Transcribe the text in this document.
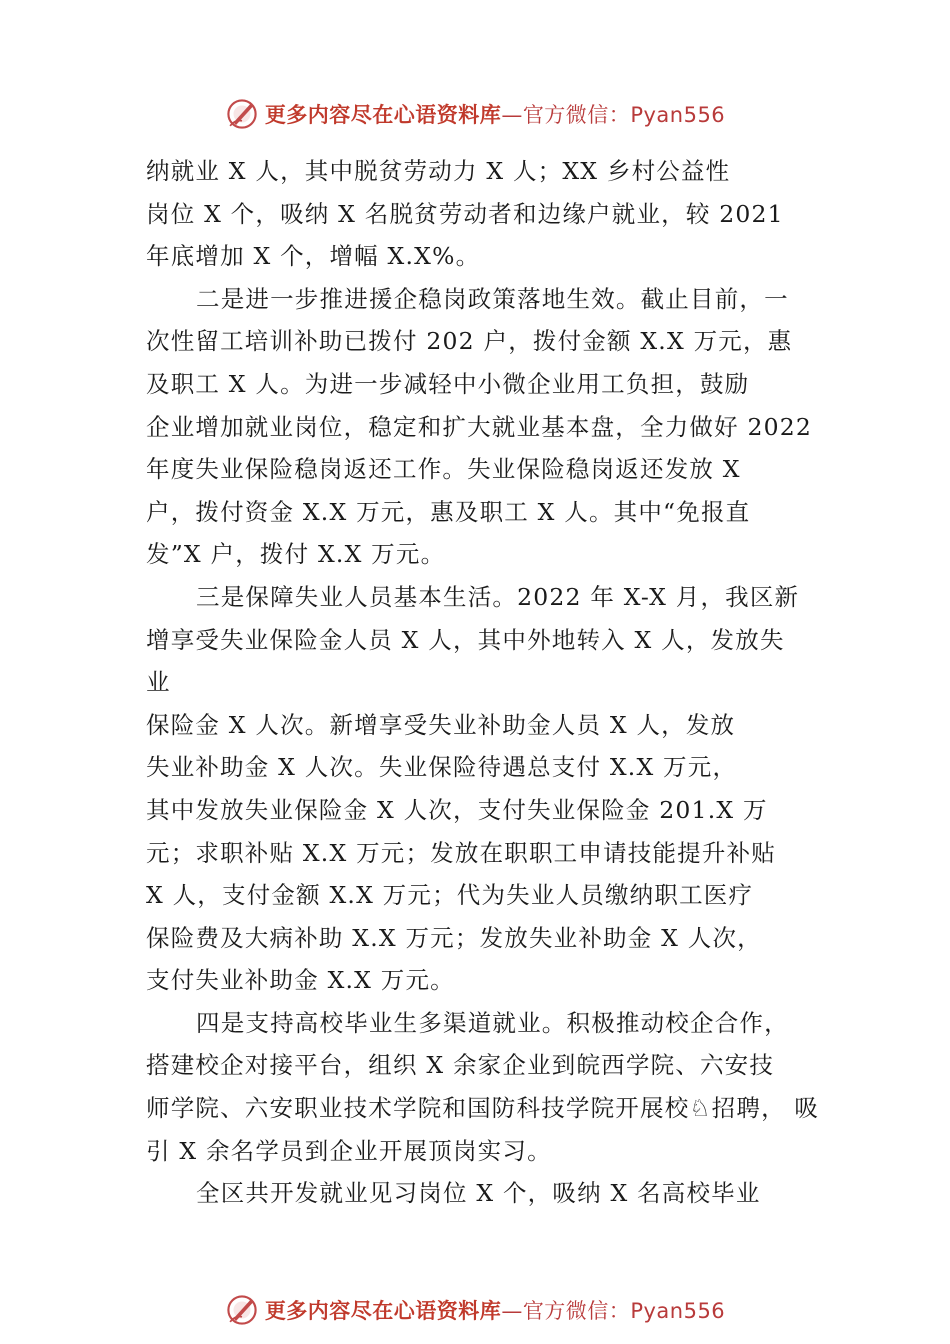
更多内容尽在心语资料库—官方微信：Pyan556
纳就业 X 人，其中脱贫劳动力 X 人；XX 乡村公益性
岗位 X 个，吸纳 X 名脱贫劳动者和边缘户就业，较 2021
年底增加 X 个，增幅 X.X%。
二是进一步推进援企稳岗政策落地生效。截止目前，一
次性留工培训补助已拨付 202 户，拨付金额 X.X 万元，惠
及职工 X 人。为进一步减轻中小微企业用工负担，鼓励
企业增加就业岗位，稳定和扩大就业基本盘，全力做好 2022
年度失业保险稳岗返还工作。失业保险稳岗返还发放 X
户，拨付资金 X.X 万元，惠及职工 X 人。其中“免报直
发”X 户，拨付 X.X 万元。
三是保障失业人员基本生活。2022 年 X-X 月，我区新
增享受失业保险金人员 X 人，其中外地转入 X 人，发放失
业
保险金 X 人次。新增享受失业补助金人员 X 人，发放
失业补助金 X 人次。失业保险待遇总支付 X.X 万元，
其中发放失业保险金 X 人次，支付失业保险金 201.X 万
元；求职补贴 X.X 万元；发放在职职工申请技能提升补贴
X 人，支付金额 X.X 万元；代为失业人员缴纳职工医疗
保险费及大病补助 X.X 万元；发放失业补助金 X 人次，
支付失业补助金 X.X 万元。
四是支持高校毕业生多渠道就业。积极推动校企合作，
搭建校企对接平台，组织 X 余家企业到皖西学院、六安技
师学院、六安职业技术学院和国防科技学院开展校♘招聘， 吸
引 X 余名学员到企业开展顶岗实习。
全区共开发就业见习岗位 X 个，吸纳 X 名高校毕业
更多内容尽在心语资料库—官方微信：Pyan556
